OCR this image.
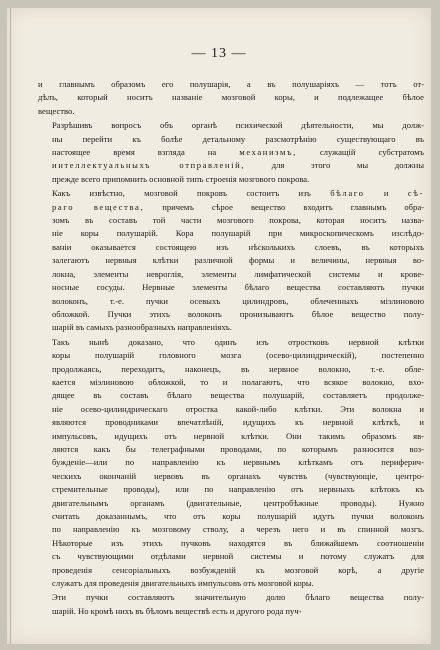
— 13 —

и главнымъ образомъ его полушарія, а въ полушаріяхъ — тотъ от-
дѣлъ, который носитъ названіе мозговой коры, и подлежащее бѣлое
вещество.

Разрѣшивъ вопросъ объ органѣ психической дѣятельности, мы долж-
ны перейти къ болѣе детальному разсмотрѣнію существующаго въ
настоящее время взгляда на механизмъ, служащій субстратомъ
интеллектуальныхъ отправленій, для этого мы должны
прежде всего припомнить основной типъ строенія мозгового покрова.

Какъ извѣстно, мозговой покровъ состоитъ изъ бѣлаго и сѣ-
раго вещества, причемъ сѣрое вещество входитъ главнымъ обра-
зомъ въ составъ той части мозгового покрова, которая носитъ назва-
ніе коры полушарій. Кора полушарій при микроскопическомъ изслѣдо-
ваніи оказывается состоящею изъ нѣсколькихъ слоевъ, въ которыхъ
залегаютъ нервныя клѣтки различной формы и величины, нервныя во-
локна, элементы невроглія, элементы лимфатической системы и крове-
носные сосуды. Нервные элементы бѣлаго вещества составляютъ пучки
волоконъ, т.-е. пучки осевыхъ цилиндровъ, облеченныхъ міэлиновою
обложкой. Пучки этихъ волоконъ пронизываютъ бѣлое вещество полу-
шарій въ самыхъ разнообразныхъ направленіяхъ.

Такъ нынѣ доказано, что одинъ изъ отростковъ нервной клѣтки
коры полушарій головного мозга (осево-цилиндрическій), постепенно
продолжаясь, переходитъ, наконецъ, въ нервное волокно, т.-е. обле-
кается міэлиновою обложкой, то и полагаютъ, что всякое волокно, вхо-
дящее въ составъ бѣлаго вещества полушарій, составляетъ продолже-
ніе осево-цилиндрическаго отростка какой-либо клѣтки. Эти волокна и
являются проводниками впечатлѣній, идущихъ къ нервной клѣткѣ, и
импульсовъ, идущихъ отъ нервной клѣтки. Они такимъ образомъ яв-
ляются какъ бы телеграфными проводами, по которымъ разносится воз-
бужденіе—или по направленію къ нервнымъ клѣткамъ отъ периферич-
ческихъ окончаній нервовъ въ органахъ чувствъ (чувствующіе, центро-
стремительные проводы), или по направленію отъ нервныхъ клѣтокъ къ
двигательнымъ органамъ (двигательные, центробѣжные проводы). Нужно
считать доказаннымъ, что отъ коры полушарій идутъ пучки волоконъ
по направленію къ мозговому стволу, а черезъ него и въ спинной мозгъ.
Нѣкоторые изъ этихъ пучковъ находятся въ ближайшемъ соотношеніи
съ чувствующими отдѣлами нервной системы и потому служатъ для
проведенія сенсоріальныхъ возбужденій къ мозговой корѣ, а другіе
служатъ для проведенія двигательныхъ импульсовъ отъ мозговой коры.

Эти пучки составляютъ значительную долю бѣлаго вещества полу-
шарій. Но кромѣ нихъ въ бѣломъ веществѣ есть и другого рода пуч-
